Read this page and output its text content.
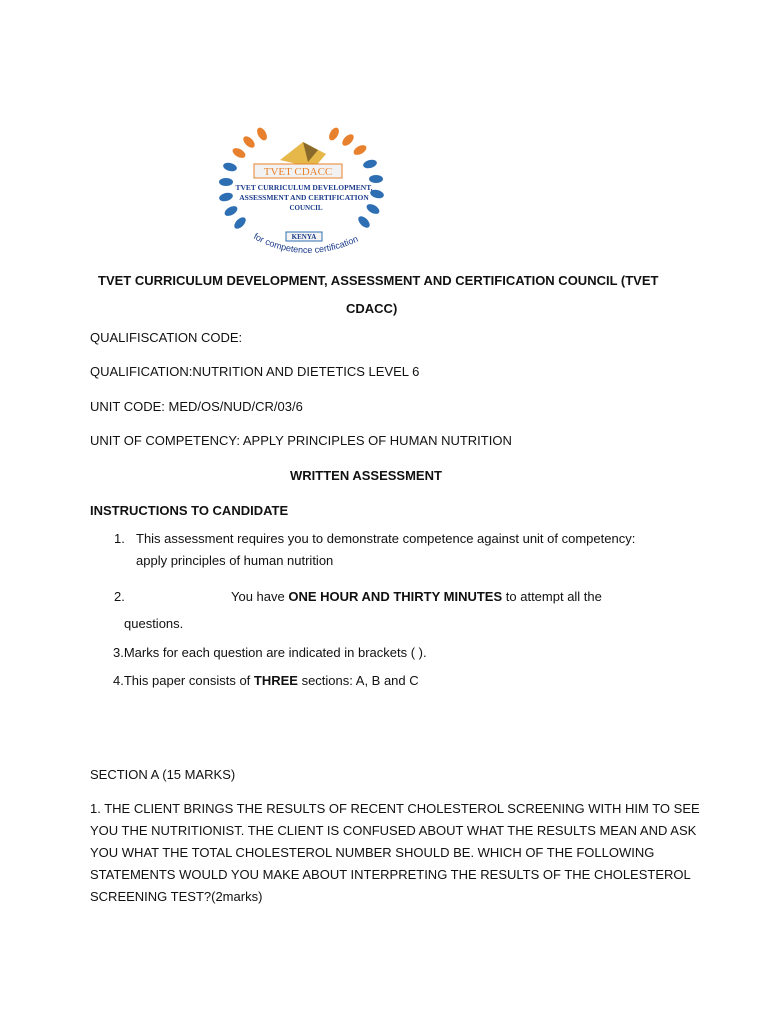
TVET CDACC
TVET CURRICULUM DEVELOPMENT,
ASSESSMENT AND CERTIFICATION
COUNCIL
KENYA
for competence certification
TVET CURRICULUM DEVELOPMENT, ASSESSMENT AND CERTIFICATION COUNCIL (TVET
CDACC)
QUALIFISCATION CODE:
QUALIFICATION:NUTRITION AND DIETETICS LEVEL 6
UNIT CODE: MED/OS/NUD/CR/03/6
UNIT OF COMPETENCY: APPLY PRINCIPLES OF HUMAN NUTRITION
WRITTEN ASSESSMENT
INSTRUCTIONS TO CANDIDATE
1. This assessment requires you to demonstrate competence against unit of competency:
apply principles of human nutrition
2.	You have ONE HOUR AND THIRTY MINUTES to attempt all the
questions.
3.Marks for each question are indicated in brackets ( ).
4.This paper consists of THREE sections: A, B and C
SECTION A (15 MARKS)
1. THE CLIENT BRINGS THE RESULTS OF RECENT CHOLESTEROL SCREENING WITH HIM TO SEE
YOU THE NUTRITIONIST. THE CLIENT IS CONFUSED ABOUT WHAT THE RESULTS MEAN AND ASK
YOU WHAT THE TOTAL CHOLESTEROL NUMBER SHOULD BE. WHICH OF THE FOLLOWING
STATEMENTS WOULD YOU MAKE ABOUT INTERPRETING THE RESULTS OF THE CHOLESTEROL
SCREENING TEST?(2marks)
